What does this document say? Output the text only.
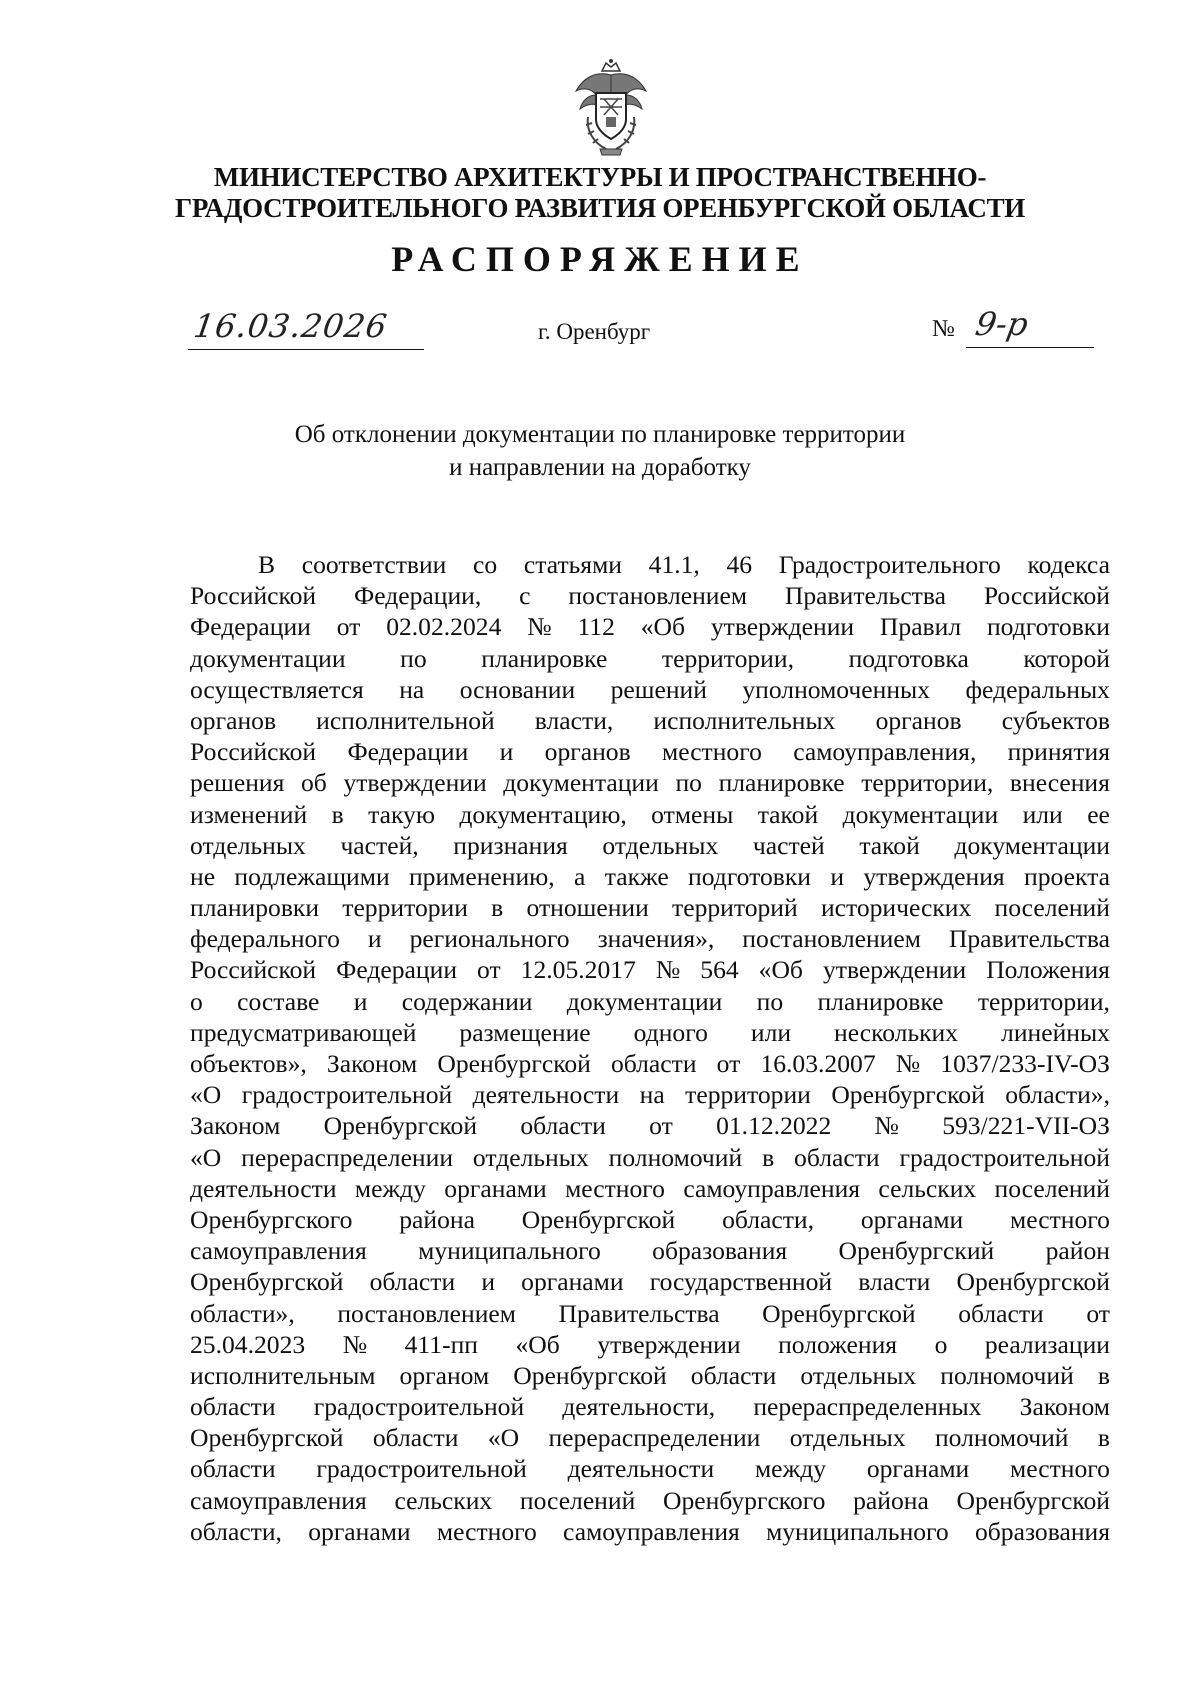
МИНИСТЕРСТВО АРХИТЕКТУРЫ И ПРОСТРАНСТВЕННО-
ГРАДОСТРОИТЕЛЬНОГО РАЗВИТИЯ ОРЕНБУРГСКОЙ ОБЛАСТИ
РАСПОРЯЖЕНИЕ
16.03.2026	г. Оренбург	№ 9-р
Об отклонении документации по планировке территории
и направлении на доработку
В соответствии со статьями 41.1, 46 Градостроительного кодекса
Российской Федерации, с постановлением Правительства Российской
Федерации от 02.02.2024 № 112 «Об утверждении Правил подготовки
документации по планировке территории, подготовка которой
осуществляется на основании решений уполномоченных федеральных
органов исполнительной власти, исполнительных органов субъектов
Российской Федерации и органов местного самоуправления, принятия
решения об утверждении документации по планировке территории, внесения
изменений в такую документацию, отмены такой документации или ее
отдельных частей, признания отдельных частей такой документации
не подлежащими применению, а также подготовки и утверждения проекта
планировки территории в отношении территорий исторических поселений
федерального и регионального значения», постановлением Правительства
Российской Федерации от 12.05.2017 № 564 «Об утверждении Положения
о составе и содержании документации по планировке территории,
предусматривающей размещение одного или нескольких линейных
объектов», Законом Оренбургской области от 16.03.2007 № 1037/233-IV-ОЗ
«О градостроительной деятельности на территории Оренбургской области»,
Законом Оренбургской области от 01.12.2022 № 593/221-VII-ОЗ
«О перераспределении отдельных полномочий в области градостроительной
деятельности между органами местного самоуправления сельских поселений
Оренбургского района Оренбургской области, органами местного
самоуправления муниципального образования Оренбургский район
Оренбургской области и органами государственной власти Оренбургской
области», постановлением Правительства Оренбургской области от
25.04.2023 № 411-пп «Об утверждении положения о реализации
исполнительным органом Оренбургской области отдельных полномочий в
области градостроительной деятельности, перераспределенных Законом
Оренбургской области «О перераспределении отдельных полномочий в
области градостроительной деятельности между органами местного
самоуправления сельских поселений Оренбургского района Оренбургской
области, органами местного самоуправления муниципального образования
